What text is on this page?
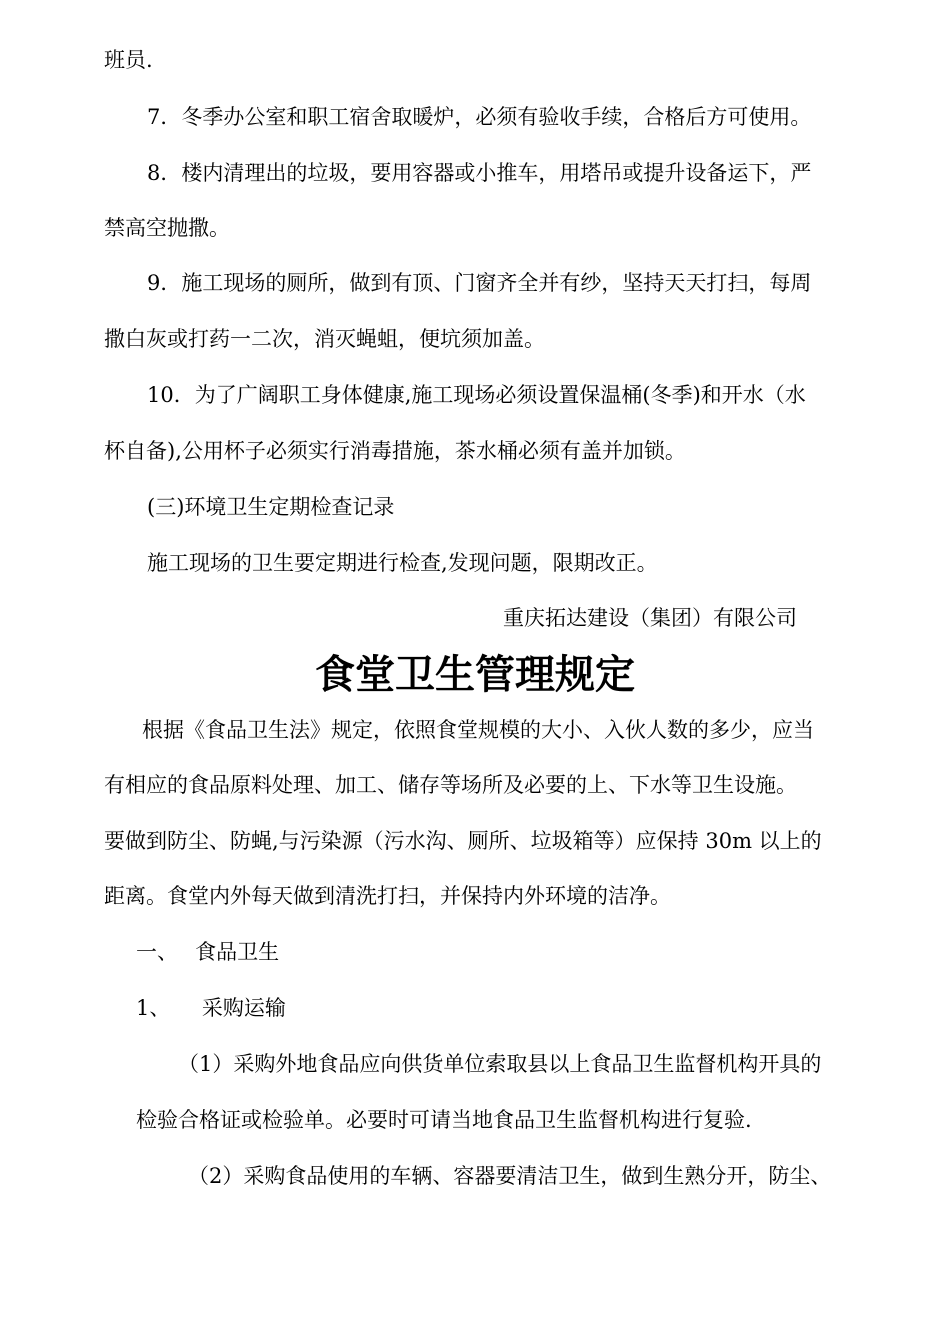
班员.
7．冬季办公室和职工宿舍取暖炉，必须有验收手续，合格后方可使用。
8．楼内清理出的垃圾，要用容器或小推车，用塔吊或提升设备运下，严
禁高空抛撒。
9．施工现场的厕所，做到有顶、门窗齐全并有纱，坚持天天打扫，每周
撒白灰或打药一二次，消灭蝇蛆，便坑须加盖。
10．为了广阔职工身体健康,施工现场必须设置保温桶(冬季)和开水（水
杯自备),公用杯子必须实行消毒措施，茶水桶必须有盖并加锁。
(三)环境卫生定期检查记录
施工现场的卫生要定期进行检查,发现问题，限期改正。
重庆拓达建设（集团）有限公司
食堂卫生管理规定
根据《食品卫生法》规定，依照食堂规模的大小、入伙人数的多少，应当
有相应的食品原料处理、加工、储存等场所及必要的上、下水等卫生设施。
要做到防尘、防蝇,与污染源（污水沟、厕所、垃圾箱等）应保持 30m 以上的
距离。食堂内外每天做到清洗打扫，并保持内外环境的洁净。
一、　 食品卫生
1、　　采购运输
（1）采购外地食品应向供货单位索取县以上食品卫生监督机构开具的
检验合格证或检验单。必要时可请当地食品卫生监督机构进行复验.
（2）采购食品使用的车辆、容器要清洁卫生，做到生熟分开，防尘、
